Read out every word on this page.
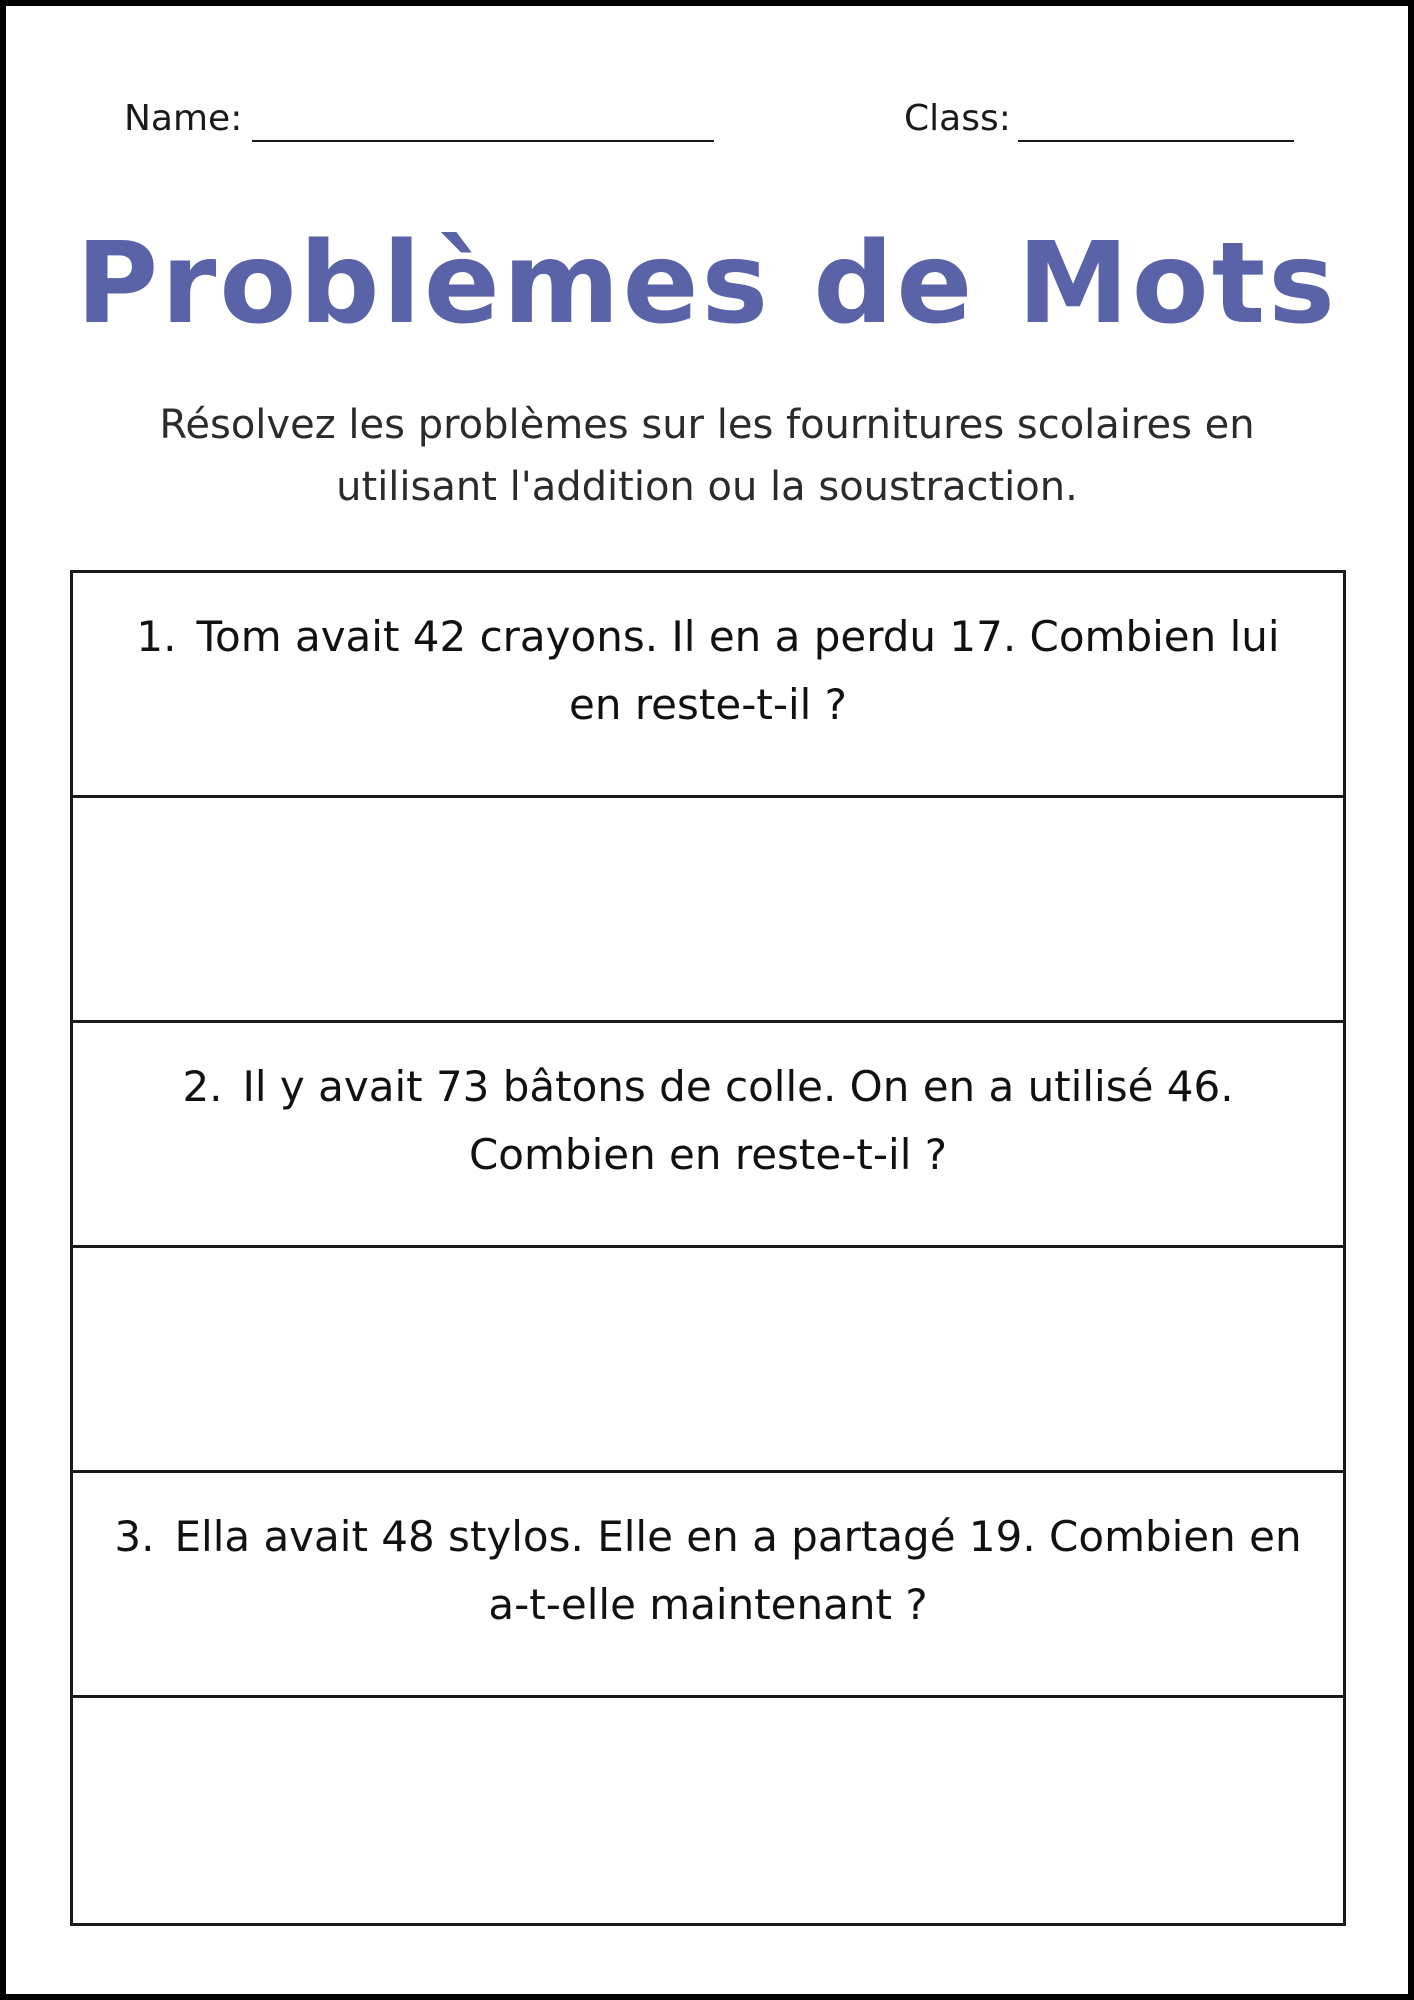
Name:	Class:
Problèmes de Mots

Résolvez les problèmes sur les fournitures scolaires en utilisant l'addition ou la soustraction.

1. Tom avait 42 crayons. Il en a perdu 17. Combien lui en reste-t-il ?
2. Il y avait 73 bâtons de colle. On en a utilisé 46. Combien en reste-t-il ?
3. Ella avait 48 stylos. Elle en a partagé 19. Combien en a-t-elle maintenant ?
